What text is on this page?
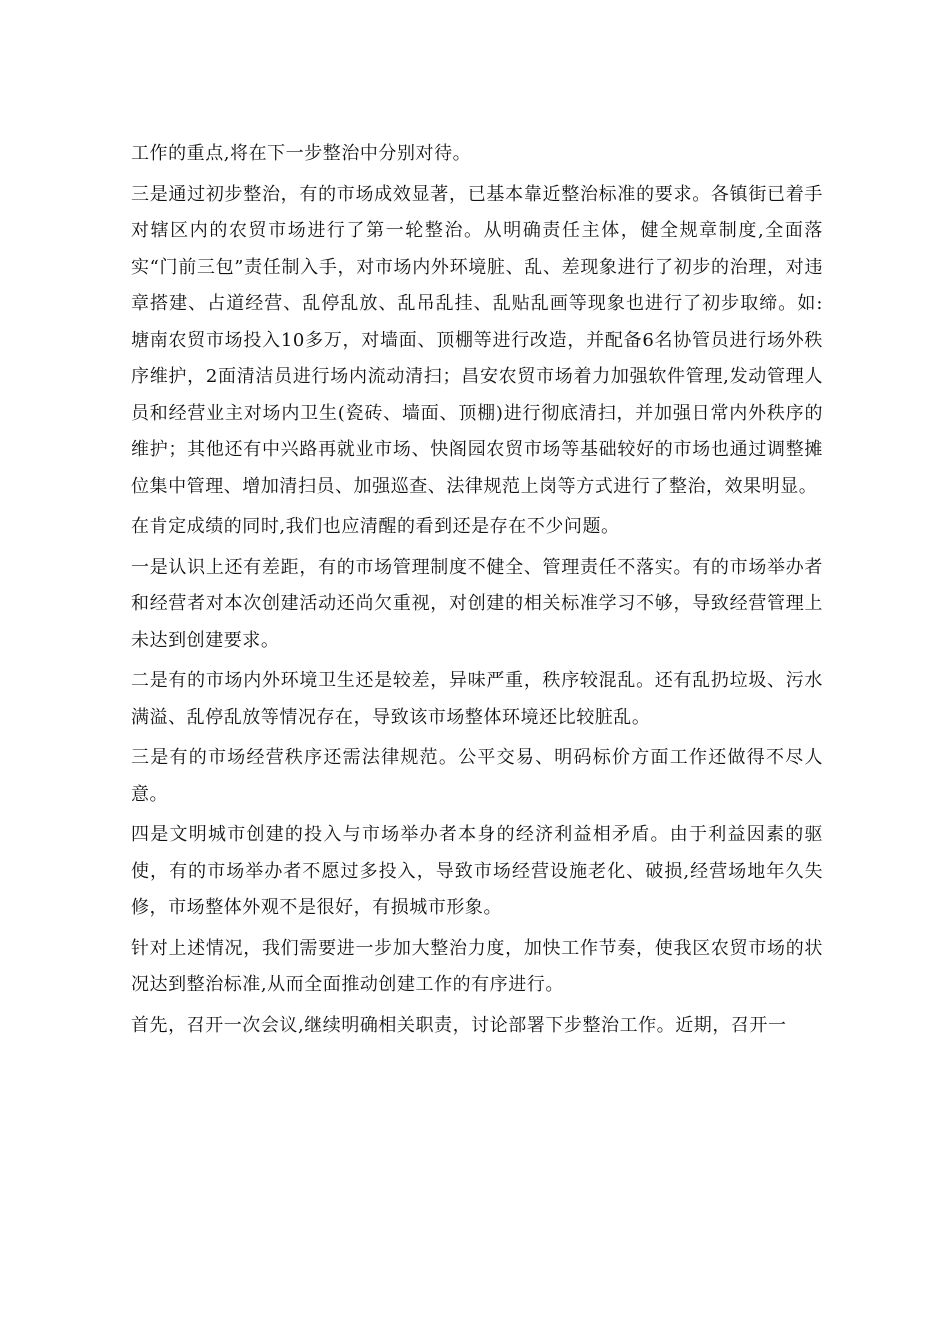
工作的重点,将在下一步整治中分别对待。

三是通过初步整治，有的市场成效显著，已基本靠近整治标准的要求。各镇街已着手对辖区内的农贸市场进行了第一轮整治。从明确责任主体，健全规章制度,全面落实“门前三包”责任制入手，对市场内外环境脏、乱、差现象进行了初步的治理，对违章搭建、占道经营、乱停乱放、乱吊乱挂、乱贴乱画等现象也进行了初步取缔。如:塘南农贸市场投入10多万，对墙面、顶棚等进行改造，并配备6名协管员进行场外秩序维护，2面清洁员进行场内流动清扫；昌安农贸市场着力加强软件管理,发动管理人员和经营业主对场内卫生(瓷砖、墙面、顶棚)进行彻底清扫，并加强日常内外秩序的维护；其他还有中兴路再就业市场、快阁园农贸市场等基础较好的市场也通过调整摊位集中管理、增加清扫员、加强巡查、法律规范上岗等方式进行了整治，效果明显。

在肯定成绩的同时,我们也应清醒的看到还是存在不少问题。

一是认识上还有差距，有的市场管理制度不健全、管理责任不落实。有的市场举办者和经营者对本次创建活动还尚欠重视，对创建的相关标准学习不够，导致经营管理上未达到创建要求。

二是有的市场内外环境卫生还是较差，异味严重，秩序较混乱。还有乱扔垃圾、污水满溢、乱停乱放等情况存在，导致该市场整体环境还比较脏乱。

三是有的市场经营秩序还需法律规范。公平交易、明码标价方面工作还做得不尽人意。

四是文明城市创建的投入与市场举办者本身的经济利益相矛盾。由于利益因素的驱使，有的市场举办者不愿过多投入，导致市场经营设施老化、破损,经营场地年久失修，市场整体外观不是很好，有损城市形象。

针对上述情况，我们需要进一步加大整治力度，加快工作节奏，使我区农贸市场的状况达到整治标准,从而全面推动创建工作的有序进行。

首先，召开一次会议,继续明确相关职责，讨论部署下步整治工作。近期，召开一
